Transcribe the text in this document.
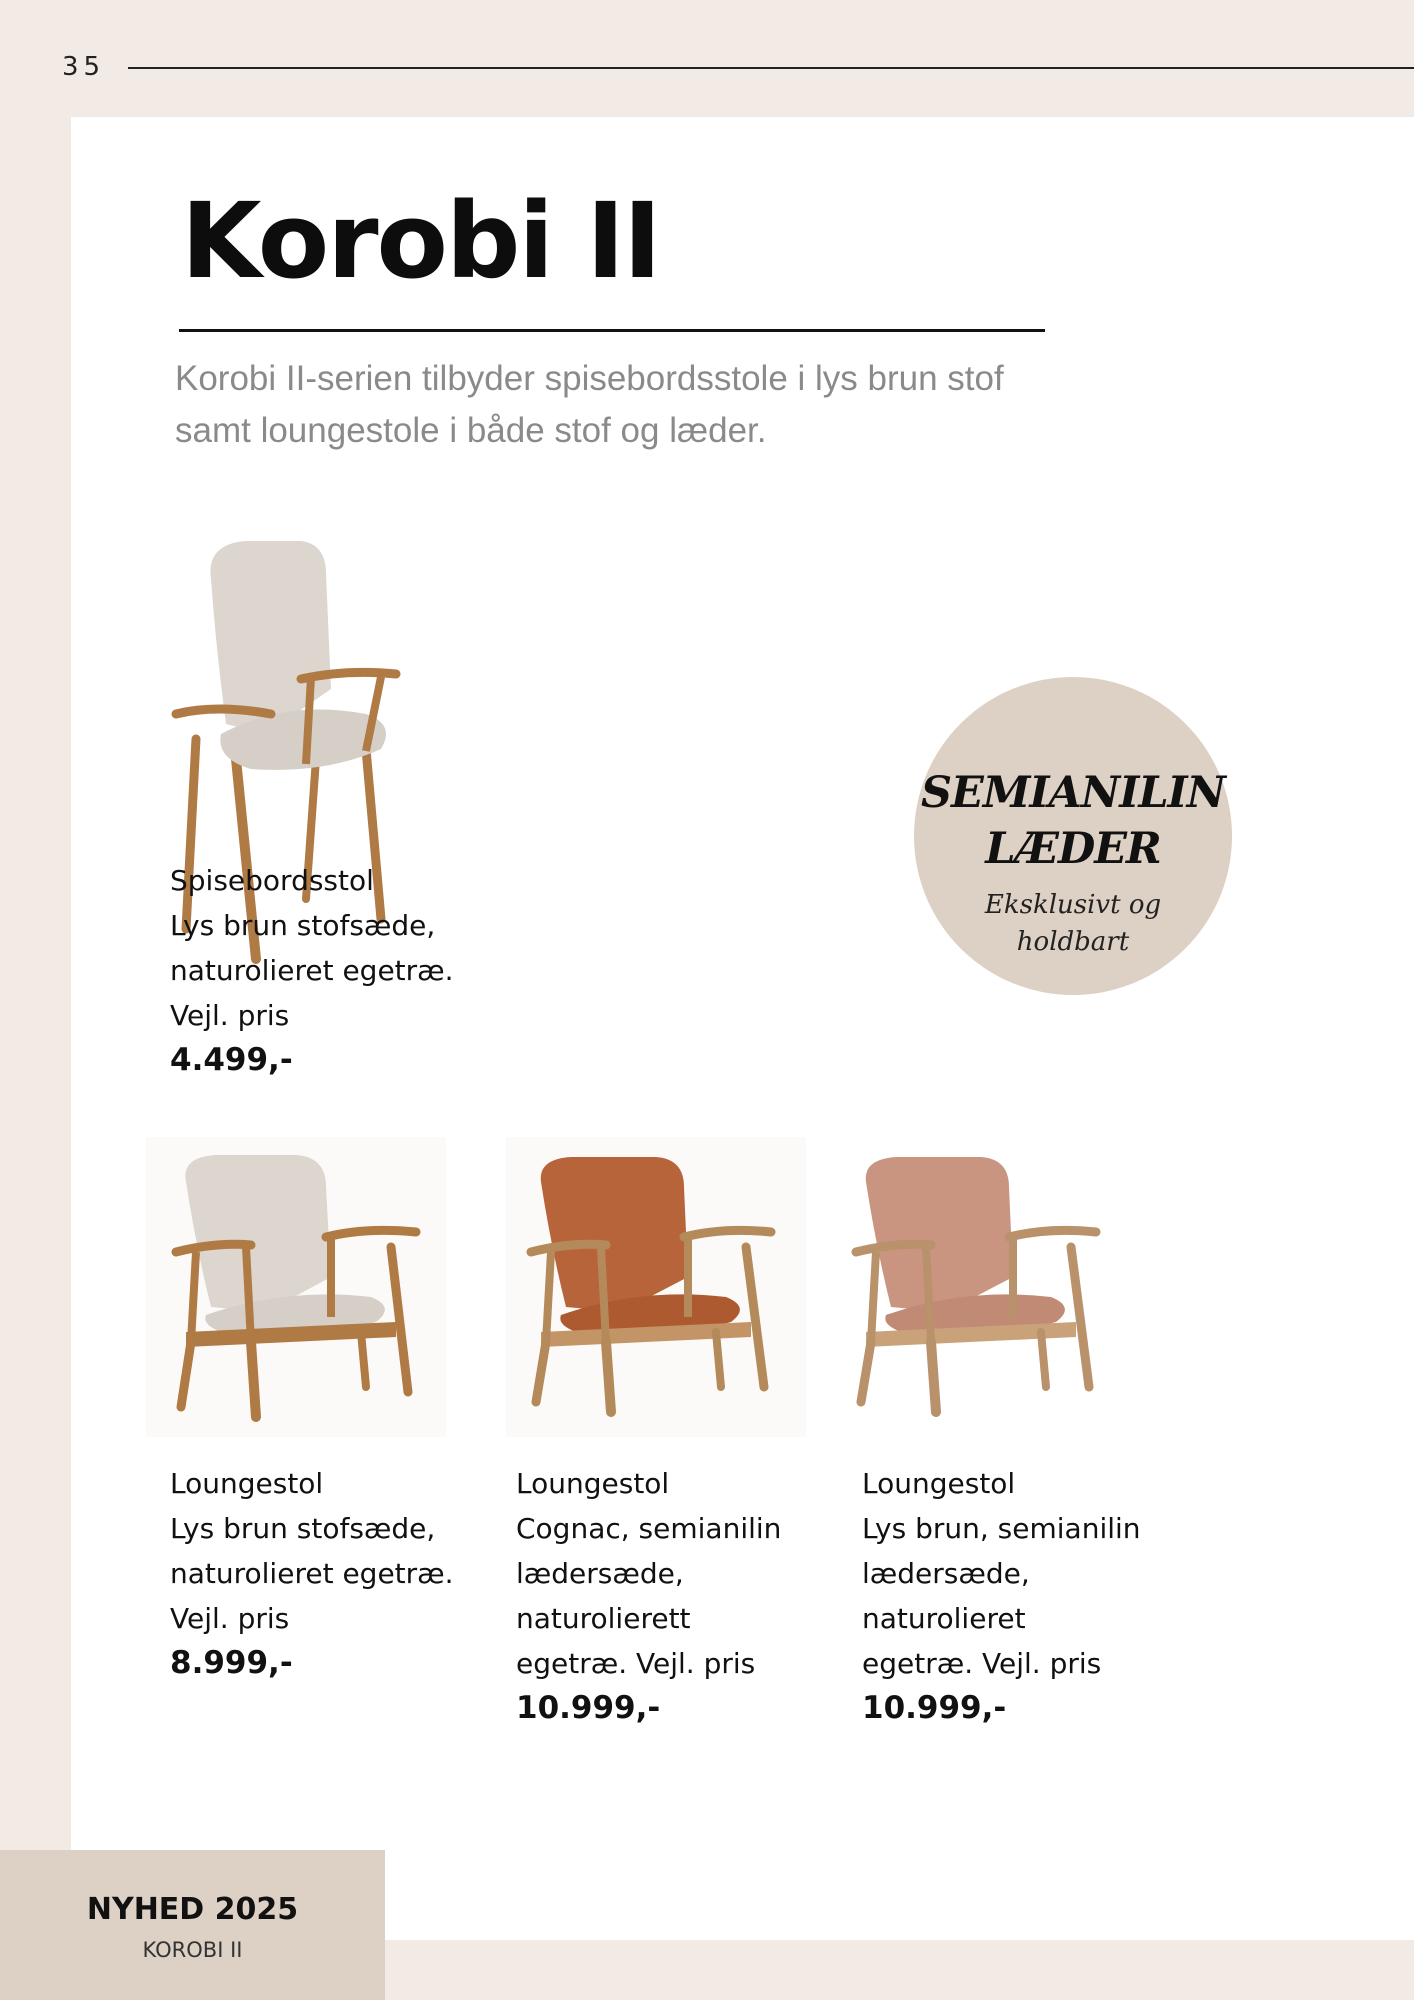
35
Korobi II

Korobi II-serien tilbyder spisebordsstole i lys brun stof
samt loungestole i både stof og læder.

Spisebordsstol
Lys brun stofsæde,
naturolieret egetræ.
Vejl. pris
4.499,-
SEMIANILIN
LÆDER
Eksklusivt og
holdbart
Loungestol
Lys brun stofsæde,
naturolieret egetræ.
Vejl. pris
8.999,-
Loungestol
Cognac, semianilin
lædersæde,
naturolierett
egetræ. Vejl. pris
10.999,-
Loungestol
Lys brun, semianilin
lædersæde,
naturolieret
egetræ. Vejl. pris
10.999,-
NYHED 2025
KOROBI II
